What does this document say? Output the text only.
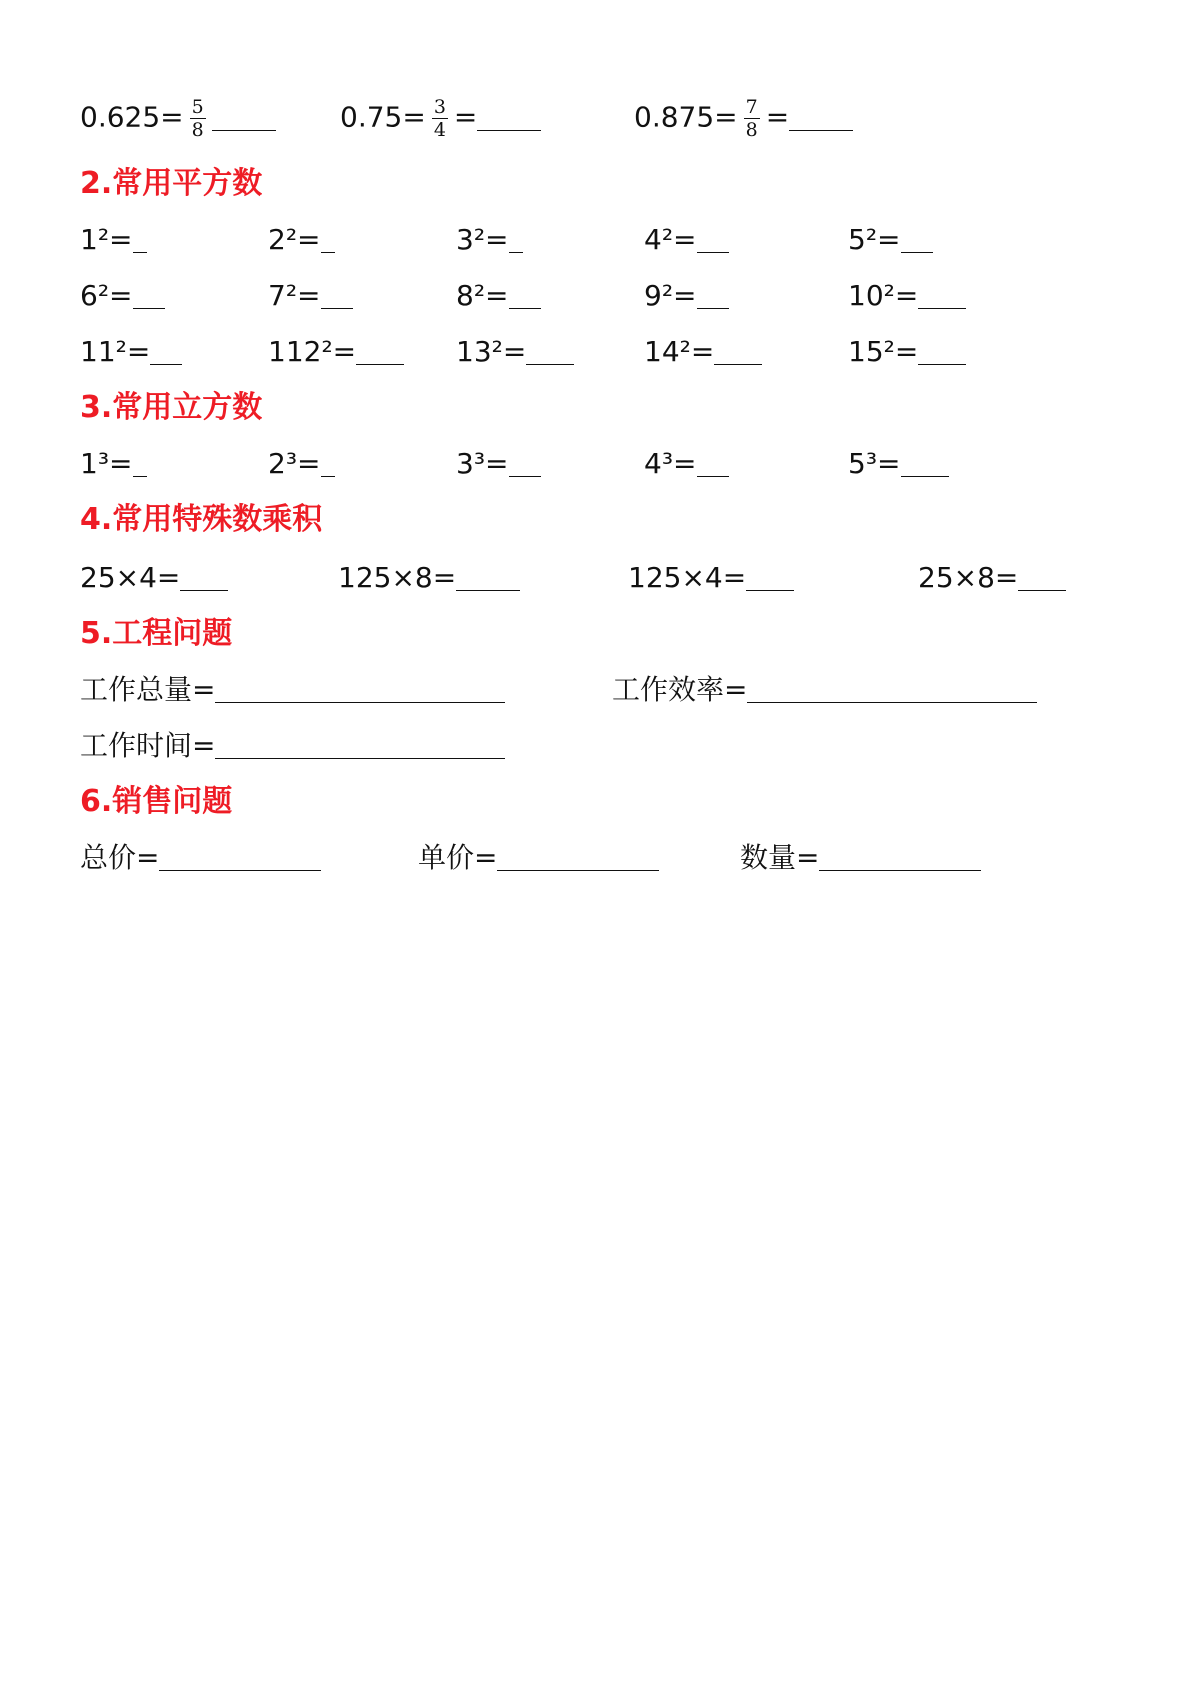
$0.625= \frac{5}{8}$	$0.75= \frac{3}{4}$ =	$0.875= \frac{7}{8}$ =
2.常用平方数
1²=	2²=	3²=	4²=	5²=
6²=	7²=	8²=	9²=	10²=
11²=	112²=	13²=	14²=	15²=
3.常用立方数
1³=	2³=	3³=	4³=	5³=
4.常用特殊数乘积
25×4=	125×8=	125×4=	25×8=
5.工程问题
工作总量=	工作效率=
工作时间=
6.销售问题
总价=	单价=	数量=
